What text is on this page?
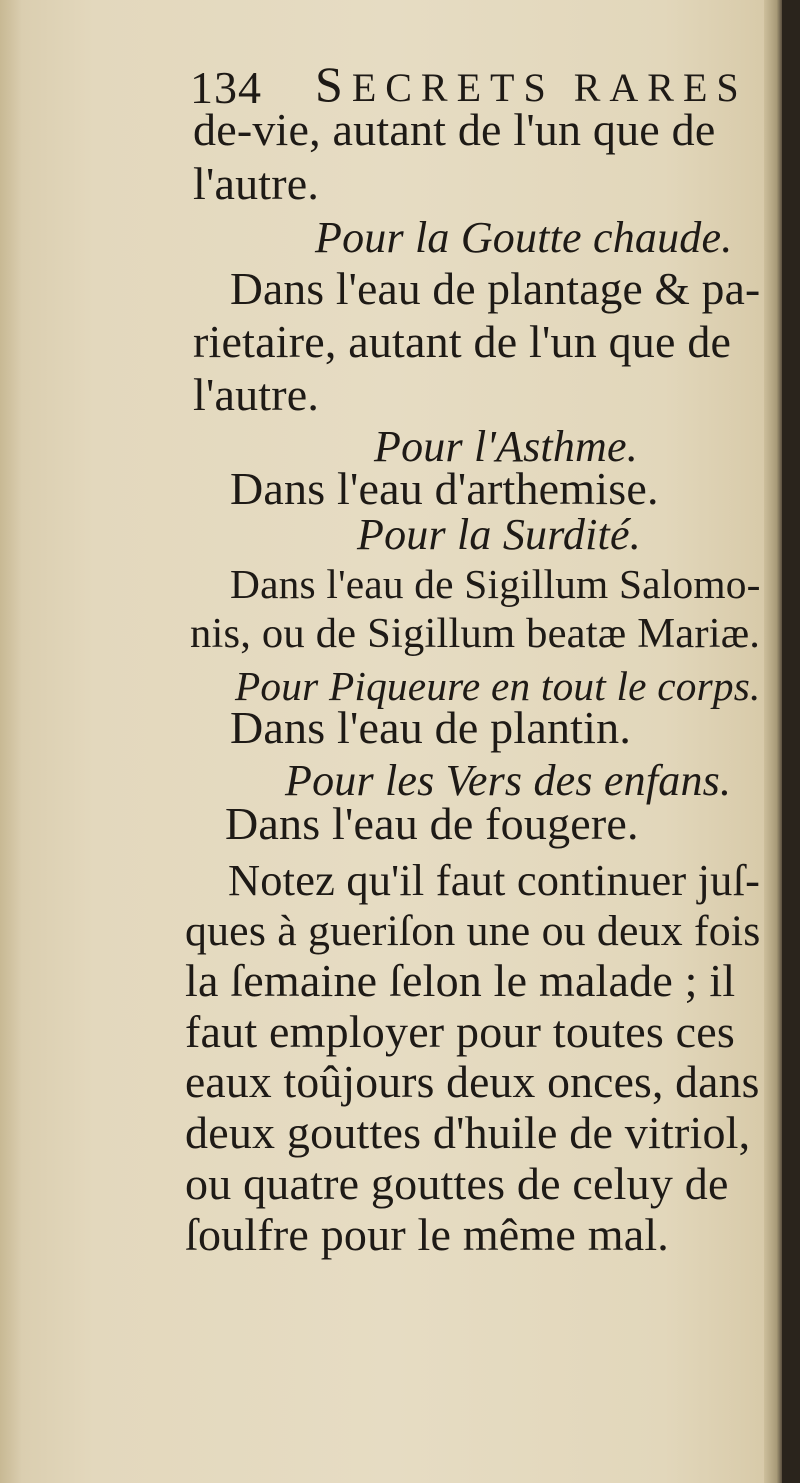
134 SECRETS RARES
de-vie, autant de l'un que de
l'autre.
Pour la Goutte chaude.
Dans l'eau de plantage & pa-
rietaire, autant de l'un que de
l'autre.
Pour l'Asthme.
Dans l'eau d'arthemise.
Pour la Surdité.
Dans l'eau de Sigillum Salomo-
nis, ou de Sigillum beatæ Mariæ.
Pour Piqueure en tout le corps.
Dans l'eau de plantin.
Pour les Vers des enfans.
Dans l'eau de fougere.
Notez qu'il faut continuer juſ-
ques à gueriſon une ou deux fois
la ſemaine ſelon le malade ; il
faut employer pour toutes ces
eaux toûjours deux onces, dans
deux gouttes d'huile de vitriol,
ou quatre gouttes de celuy de
ſoulfre pour le même mal.
